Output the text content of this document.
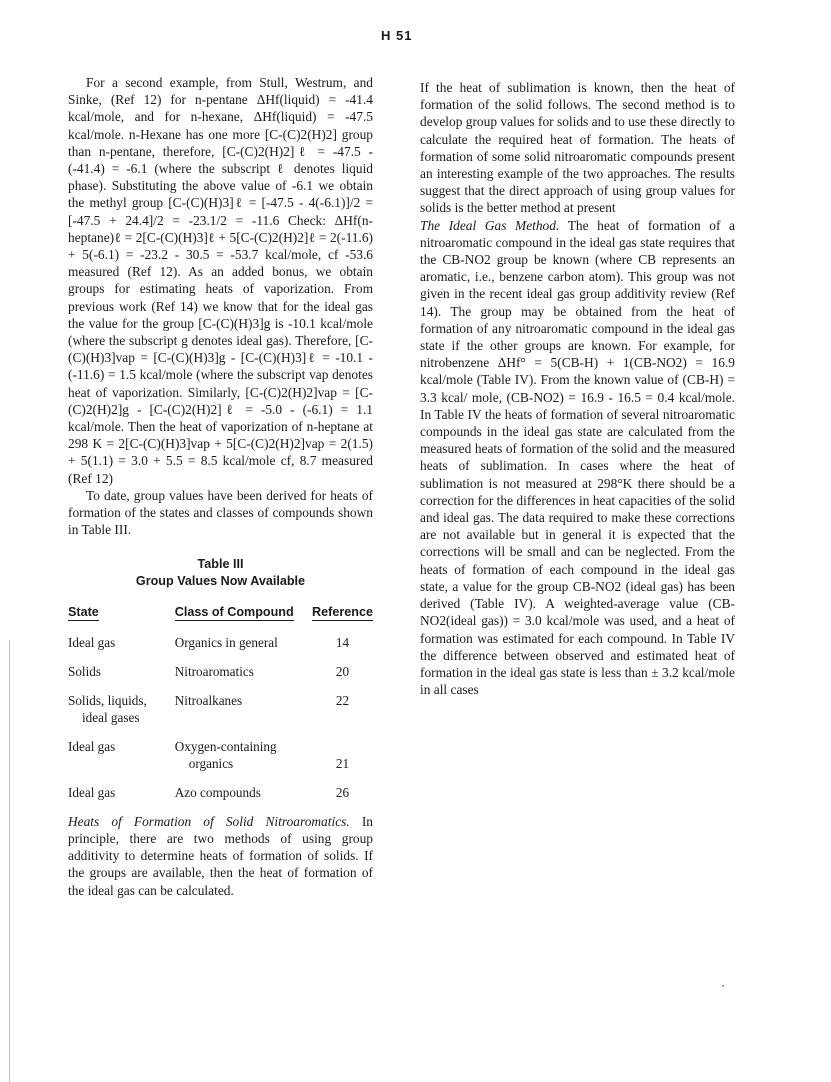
H 51

For a second example, from Stull, Westrum, and Sinke, (Ref 12) for n-pentane ΔHf(liquid) = -41.4 kcal/mole, and for n-hexane, ΔHf(liquid) = -47.5 kcal/mole. n-Hexane has one more [C-(C)2(H)2] group than n-pentane, therefore, [C-(C)2(H)2]ℓ = -47.5 - (-41.4) = -6.1 (where the subscript ℓ denotes liquid phase). Substituting the above value of -6.1 we obtain the methyl group [C-(C)(H)3]ℓ = [-47.5 - 4(-6.1)]/2 = [-47.5 + 24.4]/2 = -23.1/2 = -11.6 Check: ΔHf(n-heptane)ℓ = 2[C-(C)(H)3]ℓ + 5[C-(C)2(H)2]ℓ = 2(-11.6) + 5(-6.1) = -23.2 - 30.5 = -53.7 kcal/mole, cf -53.6 measured (Ref 12). As an added bonus, we obtain groups for estimating heats of vaporization. From previous work (Ref 14) we know that for the ideal gas the value for the group [C-(C)(H)3]g is -10.1 kcal/mole (where the subscript g denotes ideal gas). Therefore, [C-(C)(H)3]vap = [C-(C)(H)3]g - [C-(C)(H)3]ℓ = -10.1 - (-11.6) = 1.5 kcal/mole (where the subscript vap denotes heat of vaporization. Similarly, [C-(C)2(H)2]vap = [C-(C)2(H)2]g - [C-(C)2(H)2]ℓ = -5.0 - (-6.1) = 1.1 kcal/mole. Then the heat of vaporization of n-heptane at 298 K = 2[C-(C)(H)3]vap + 5[C-(C)2(H)2]vap = 2(1.5) + 5(1.1) = 3.0 + 5.5 = 8.5 kcal/mole cf, 8.7 measured (Ref 12)

To date, group values have been derived for heats of formation of the states and classes of compounds shown in Table III.

Table III
Group Values Now Available
State	Class of Compound	Reference
Ideal gas	Organics in general	14
Solids	Nitroaromatics	20
Solids, liquids,
ideal gases	Nitroalkanes	22
Ideal gas	Oxygen-containing
organics	21
Ideal gas	Azo compounds	26

Heats of Formation of Solid Nitroaromatics. In principle, there are two methods of using group additivity to determine heats of formation of solids. If the groups are available, then the heat of formation of the ideal gas can be calculated.

If the heat of sublimation is known, then the heat of formation of the solid follows. The second method is to develop group values for solids and to use these directly to calculate the required heat of formation. The heats of formation of some solid nitroaromatic compounds present an interesting example of the two approaches. The results suggest that the direct approach of using group values for solids is the better method at present

The Ideal Gas Method. The heat of formation of a nitroaromatic compound in the ideal gas state requires that the CB-NO2 group be known (where CB represents an aromatic, i.e., benzene carbon atom). This group was not given in the recent ideal gas group additivity review (Ref 14). The group may be obtained from the heat of formation of any nitroaromatic compound in the ideal gas state if the other groups are known. For example, for nitrobenzene ΔHf° = 5(CB-H) + 1(CB-NO2) = 16.9 kcal/mole (Table IV). From the known value of (CB-H) = 3.3 kcal/ mole, (CB-NO2) = 16.9 - 16.5 = 0.4 kcal/mole. In Table IV the heats of formation of several nitroaromatic compounds in the ideal gas state are calculated from the measured heats of formation of the solid and the measured heats of sublimation. In cases where the heat of sublimation is not measured at 298°K there should be a correction for the differences in heat capacities of the solid and ideal gas. The data required to make these corrections are not available but in general it is expected that the corrections will be small and can be neglected. From the heats of formation of each compound in the ideal gas state, a value for the group CB-NO2 (ideal gas) has been derived (Table IV). A weighted-average value (CB-NO2(ideal gas)) = 3.0 kcal/mole was used, and a heat of formation was estimated for each compound. In Table IV the difference between observed and estimated heat of formation in the ideal gas state is less than ± 3.2 kcal/mole in all cases
